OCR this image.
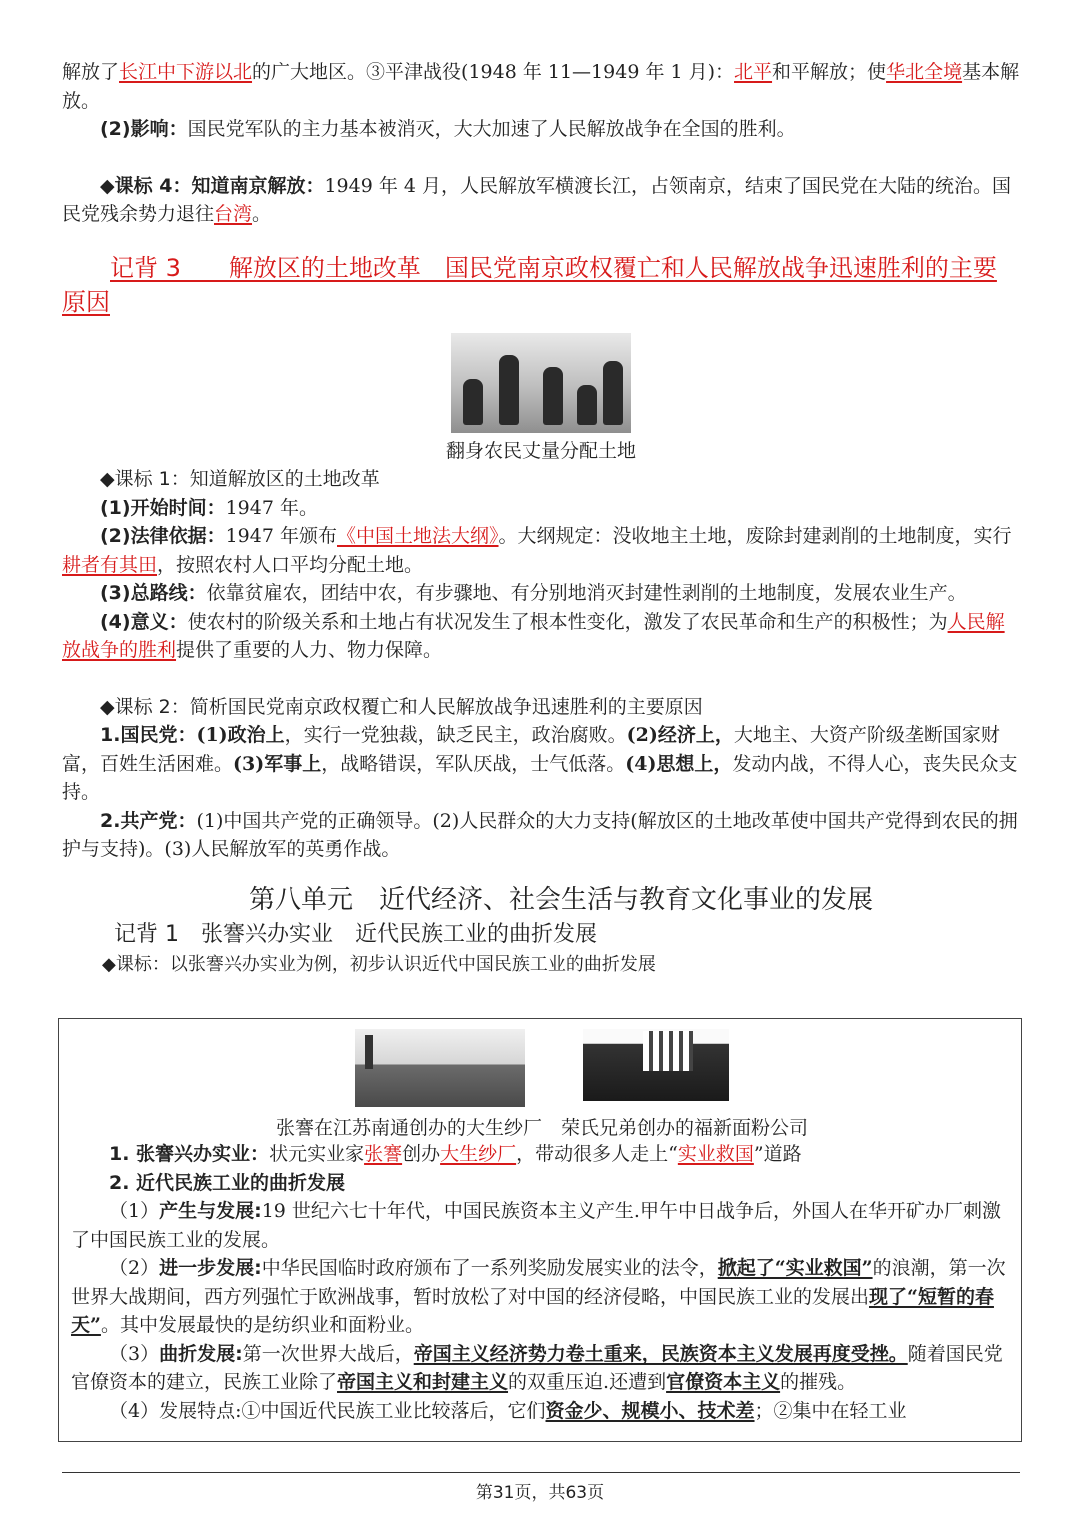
解放了长江中下游以北的广大地区。③平津战役(1948 年 11—1949 年 1 月)：北平和平解放；使华北全境基本解放。

(2)影响：国民党军队的主力基本被消灭，大大加速了人民解放战争在全国的胜利。

◆课标 4：知道南京解放：1949 年 4 月，人民解放军横渡长江，占领南京，结束了国民党在大陆的统治。国民党残余势力退往台湾。

记背 3　　解放区的土地改革　国民党南京政权覆亡和人民解放战争迅速胜利的主要原因

翻身农民丈量分配土地

◆课标 1：知道解放区的土地改革

(1)开始时间：1947 年。

(2)法律依据：1947 年颁布《中国土地法大纲》。大纲规定：没收地主土地，废除封建剥削的土地制度，实行耕者有其田，按照农村人口平均分配土地。

(3)总路线：依靠贫雇农，团结中农，有步骤地、有分别地消灭封建性剥削的土地制度，发展农业生产。

(4)意义：使农村的阶级关系和土地占有状况发生了根本性变化，激发了农民革命和生产的积极性；为人民解放战争的胜利提供了重要的人力、物力保障。

◆课标 2：简析国民党南京政权覆亡和人民解放战争迅速胜利的主要原因

1.国民党：(1)政治上，实行一党独裁，缺乏民主，政治腐败。(2)经济上，大地主、大资产阶级垄断国家财富，百姓生活困难。(3)军事上，战略错误，军队厌战，士气低落。(4)思想上，发动内战，不得人心，丧失民众支持。

2.共产党：(1)中国共产党的正确领导。(2)人民群众的大力支持(解放区的土地改革使中国共产党得到农民的拥护与支持)。(3)人民解放军的英勇作战。

第八单元　近代经济、社会生活与教育文化事业的发展

记背 1　张謇兴办实业　近代民族工业的曲折发展

◆课标：以张謇兴办实业为例，初步认识近代中国民族工业的曲折发展

张謇在江苏南通创办的大生纱厂　荣氏兄弟创办的福新面粉公司

1. 张謇兴办实业：状元实业家张謇创办大生纱厂，带动很多人走上“实业救国”道路

2. 近代民族工业的曲折发展

（1）产生与发展:19 世纪六七十年代，中国民族资本主义产生.甲午中日战争后，外国人在华开矿办厂刺激了中国民族工业的发展。

（2）进一步发展:中华民国临时政府颁布了一系列奖励发展实业的法令，掀起了“实业救国”的浪潮，第一次世界大战期间，西方列强忙于欧洲战事，暂时放松了对中国的经济侵略，中国民族工业的发展出现了“短暂的春天”。其中发展最快的是纺织业和面粉业。

（3）曲折发展:第一次世界大战后，帝国主义经济势力卷土重来，民族资本主义发展再度受挫。随着国民党官僚资本的建立，民族工业除了帝国主义和封建主义的双重压迫.还遭到官僚资本主义的摧残。

（4）发展特点:①中国近代民族工业比较落后，它们资金少、规模小、技术差；②集中在轻工业

第31页，共63页
